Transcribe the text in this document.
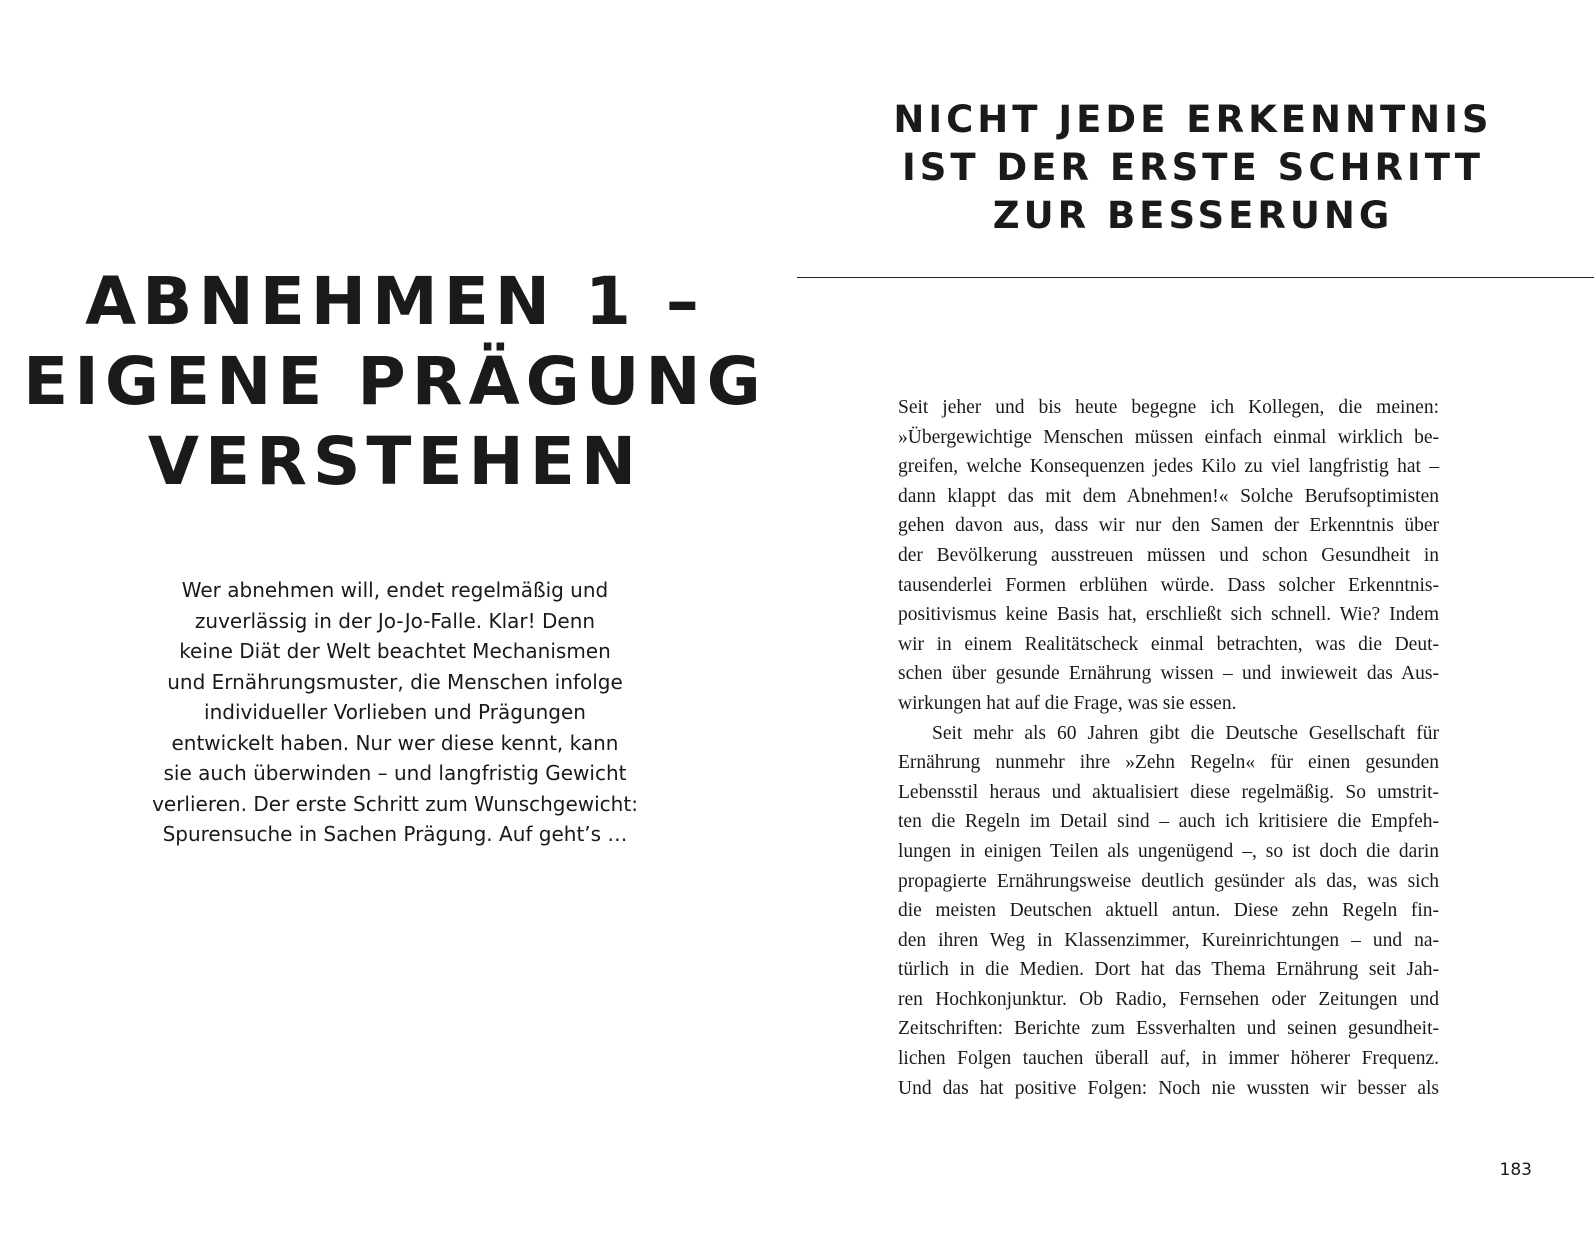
ABNEHMEN 1 –
EIGENE PRÄGUNG
VERSTEHEN

Wer abnehmen will, endet regelmäßig und
zuverlässig in der Jo-Jo-Falle. Klar! Denn
keine Diät der Welt beachtet Mechanismen
und Ernährungsmuster, die Menschen infolge
individueller Vorlieben und Prägungen
entwickelt haben. Nur wer diese kennt, kann
sie auch überwinden – und langfristig Gewicht
verlieren. Der erste Schritt zum Wunschgewicht:
Spurensuche in Sachen Prägung. Auf geht’s …

NICHT JEDE ERKENNTNIS
IST DER ERSTE SCHRITT
ZUR BESSERUNG
Seit jeher und bis heute begegne ich Kollegen, die meinen:
»Übergewichtige Menschen müssen einfach einmal wirklich be-
greifen, welche Konsequenzen jedes Kilo zu viel langfristig hat –
dann klappt das mit dem Abnehmen!« Solche Berufsoptimisten
gehen davon aus, dass wir nur den Samen der Erkenntnis über
der Bevölkerung ausstreuen müssen und schon Gesundheit in
tausenderlei Formen erblühen würde. Dass solcher Erkenntnis-
positivismus keine Basis hat, erschließt sich schnell. Wie? Indem
wir in einem Realitätscheck einmal betrachten, was die Deut-
schen über gesunde Ernährung wissen – und inwieweit das Aus-
wirkungen hat auf die Frage, was sie essen.
Seit mehr als 60 Jahren gibt die Deutsche Gesellschaft für
Ernährung nunmehr ihre »Zehn Regeln« für einen gesunden
Lebensstil heraus und aktualisiert diese regelmäßig. So umstrit-
ten die Regeln im Detail sind – auch ich kritisiere die Empfeh-
lungen in einigen Teilen als ungenügend –, so ist doch die darin
propagierte Ernährungsweise deutlich gesünder als das, was sich
die meisten Deutschen aktuell antun. Diese zehn Regeln fin-
den ihren Weg in Klassenzimmer, Kureinrichtungen – und na-
türlich in die Medien. Dort hat das Thema Ernährung seit Jah-
ren Hochkonjunktur. Ob Radio, Fernsehen oder Zeitungen und
Zeitschriften: Berichte zum Essverhalten und seinen gesundheit-
lichen Folgen tauchen überall auf, in immer höherer Frequenz.
Und das hat positive Folgen: Noch nie wussten wir besser als
183
